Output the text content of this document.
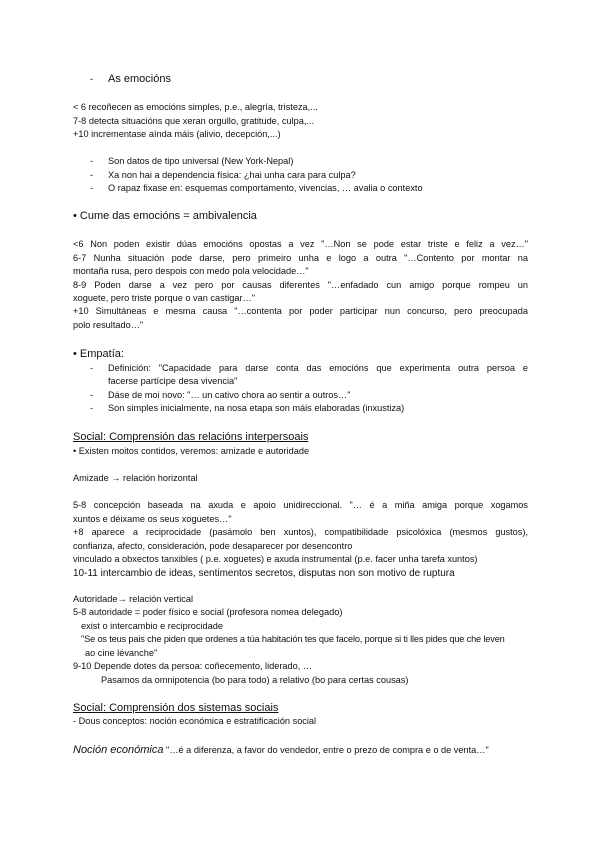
- As emocións
< 6 recoñecen as emocións simples, p.e., alegría, tristeza,...
7-8 detecta situacións que xeran orgullo, gratitude, culpa,...
+10 incrementase aínda máis (alivio, decepción,...)
- Son datos de tipo universal (New York-Nepal)
- Xa non hai a dependencia física: ¿hai unha cara para culpa?
- O rapaz fixase en: esquemas comportamento, vivencias, … avalia o contexto
• Cume das emocións = ambivalencia
<6 Non poden existir dúas emocións opostas a vez "…Non se pode estar triste e feliz a vez…"
6-7 Nunha situación pode darse, pero primeiro unha e logo a outra "…Contento por montar na
montaña rusa, pero despois con medo pola velocidade…"
8-9 Poden darse a vez pero por causas diferentes "…enfadado cun amigo porque rompeu un
xoguete, pero triste porque o van castigar…"
+10 Simultáneas e mesma causa "…contenta por poder participar nun concurso, pero preocupada
polo resultado…"
• Empatía:
- Definición: "Capacidade para darse conta das emocións que experimenta outra persoa e
facerse partícipe desa vivencia"
- Dáse de moi novo: "… un cativo chora ao sentir a outros…"
- Son simples inicialmente, na nosa etapa son máis elaboradas (inxustiza)
Social: Comprensión das relacións interpersoais
• Existen moitos contidos, veremos: amizade e autoridade
Amizade → relación horizontal
5-8 concepción baseada na axuda e apoio unidireccional. "… é a miña amiga porque xogamos
xuntos e déixame os seus xoguetes…"
+8 aparece a reciprocidade (pasámolo ben xuntos), compatibilidade psicolóxica (mesmos gustos),
confianza, afecto, consideración, pode desaparecer por desencontro
vinculado a obxectos tanxibles ( p.e. xoguetes) e axuda instrumental (p.e. facer unha tarefa xuntos)
10-11 intercambio de ideas, sentimentos secretos, disputas non son motivo de ruptura
Autoridade→ relación vertical
5-8 autoridade = poder físico e social (profesora nomea delegado)
exist o intercambio e reciprocidade
"Se os teus pais che piden que ordenes a túa habitación tes que facelo, porque si ti lles pides que che leven
ao cine lévanche"
9-10 Depende dotes da persoa: coñecemento, liderado, …
Pasamos da omnipotencia (bo para todo) a relativo (bo para certas cousas)
Social: Comprensión dos sistemas sociais
- Dous conceptos: noción económica e estratificación social
Noción económica "…é a diferenza, a favor do vendedor, entre o prezo de compra e o de venta…"
